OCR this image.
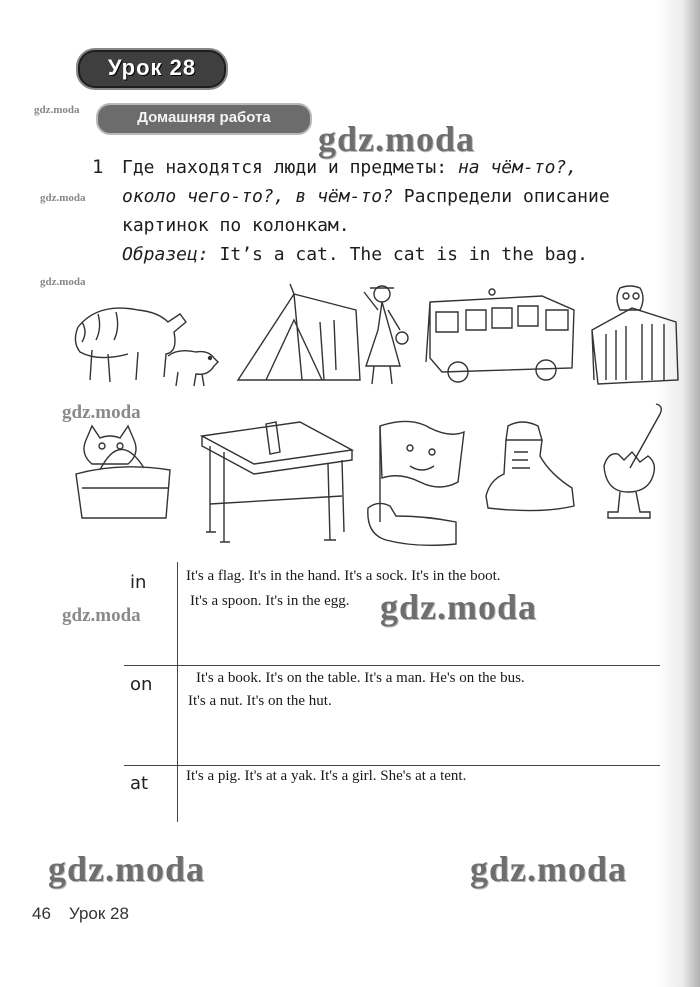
Урок 28
Домашняя работа
gdz.moda
gdz.moda
gdz.moda
gdz.moda
gdz.moda
1 Где находятся люди и предметы: на чём-то?,
около чего-то?, в чём-то? Распредели описание
картинок по колонкам.
Образец: It’s a cat. The cat is in the bag.
in	It's a flag. It's in the hand. It's a sock. It's in the boot.
It's a spoon. It's in the egg.
on	It's a book. It's on the table. It's a man. He's on the bus.
It's a nut. It's on the hut.
at	It's a pig. It's at a yak. It's a girl. She's at a tent.
gdz.moda	gdz.moda
gdz.moda	gdz.moda
46 Урок 28
